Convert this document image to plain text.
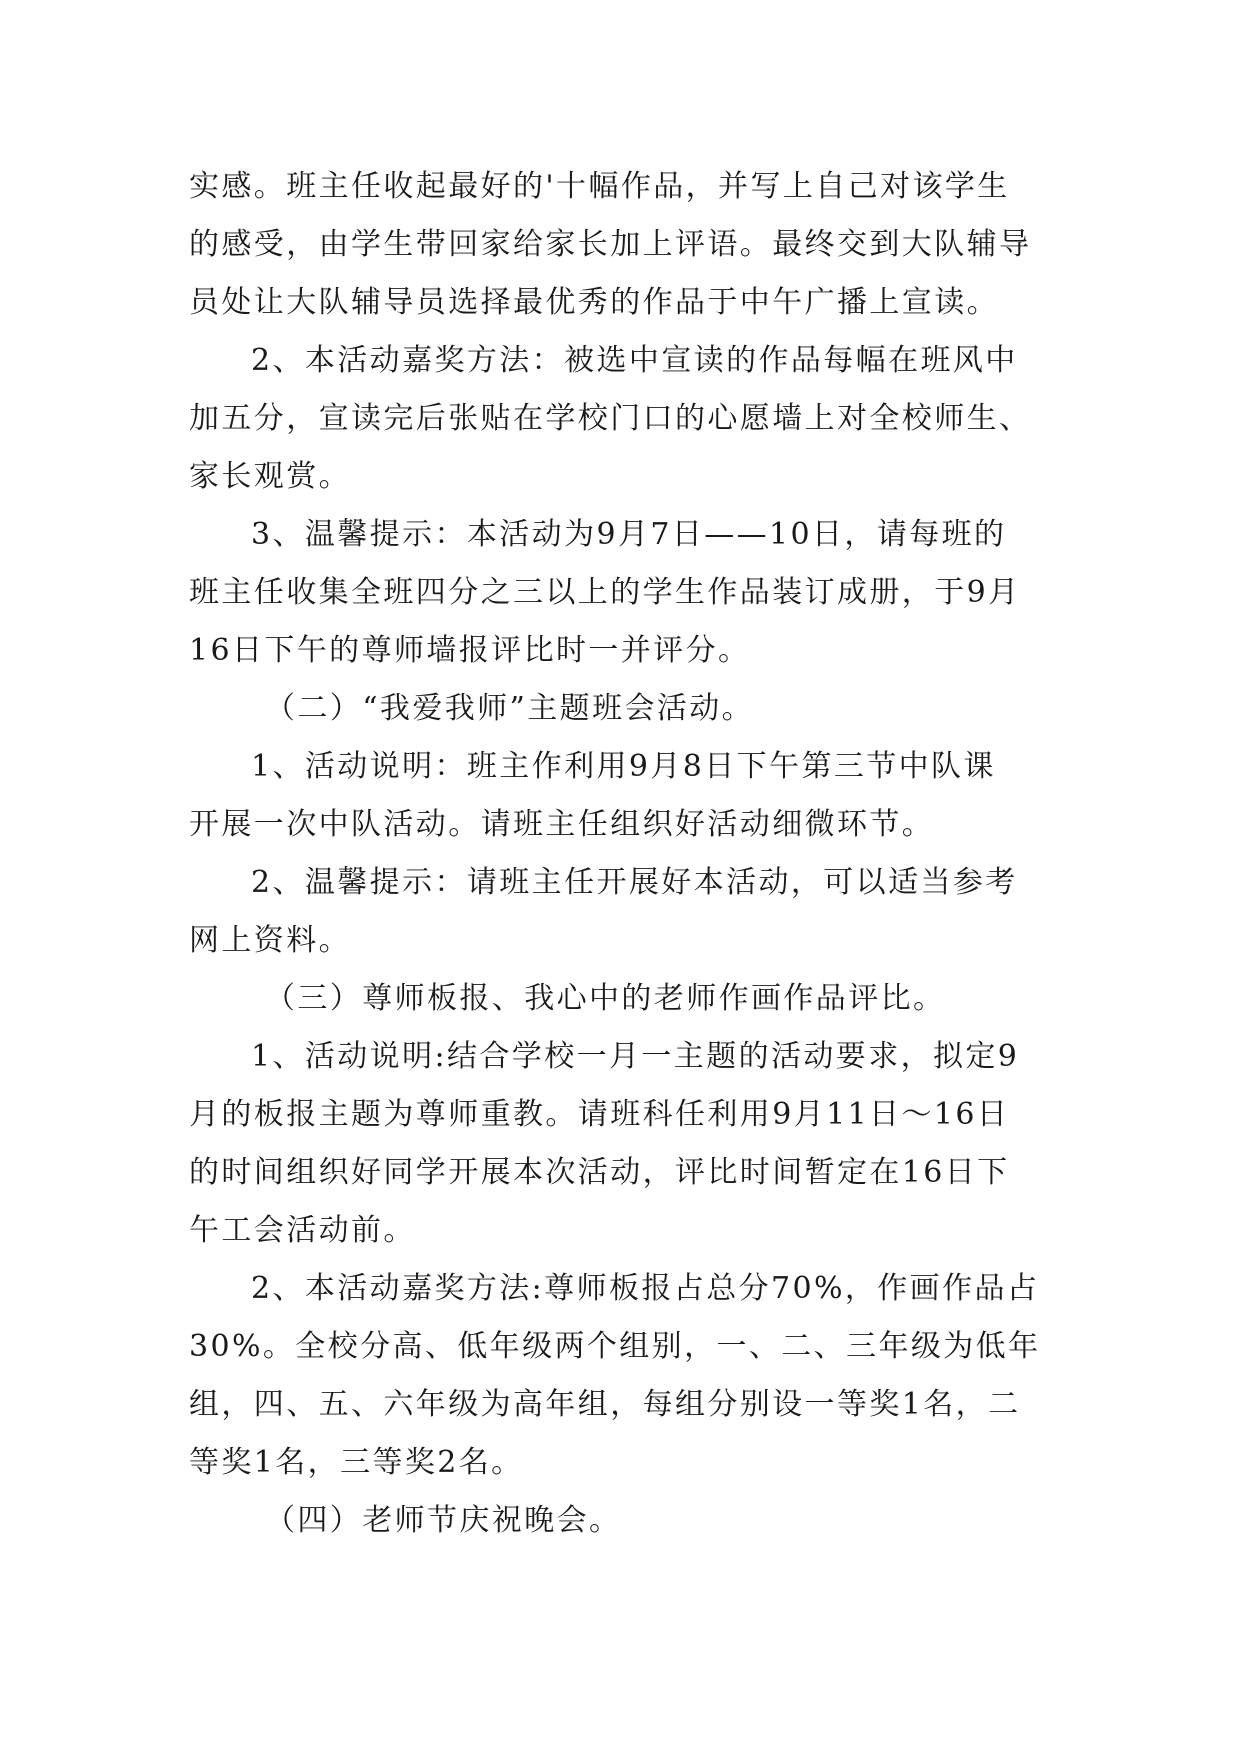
实感。班主任收起最好的'十幅作品，并写上自己对该学生

的感受，由学生带回家给家长加上评语。最终交到大队辅导

员处让大队辅导员选择最优秀的作品于中午广播上宣读。

2、本活动嘉奖方法：被选中宣读的作品每幅在班风中

加五分，宣读完后张贴在学校门口的心愿墙上对全校师生、

家长观赏。

3、温馨提示：本活动为9月7日——10日，请每班的

班主任收集全班四分之三以上的学生作品装订成册，于9月

16日下午的尊师墙报评比时一并评分。

（二）“我爱我师”主题班会活动。

1、活动说明：班主作利用9月8日下午第三节中队课

开展一次中队活动。请班主任组织好活动细微环节。

2、温馨提示：请班主任开展好本活动，可以适当参考

网上资料。

（三）尊师板报、我心中的老师作画作品评比。

1、活动说明:结合学校一月一主题的活动要求，拟定9

月的板报主题为尊师重教。请班科任利用9月11日～16日

的时间组织好同学开展本次活动，评比时间暂定在16日下

午工会活动前。

2、本活动嘉奖方法:尊师板报占总分70%，作画作品占

30%。全校分高、低年级两个组别，一、二、三年级为低年

组，四、五、六年级为高年组，每组分别设一等奖1名，二

等奖1名，三等奖2名。

（四）老师节庆祝晚会。
